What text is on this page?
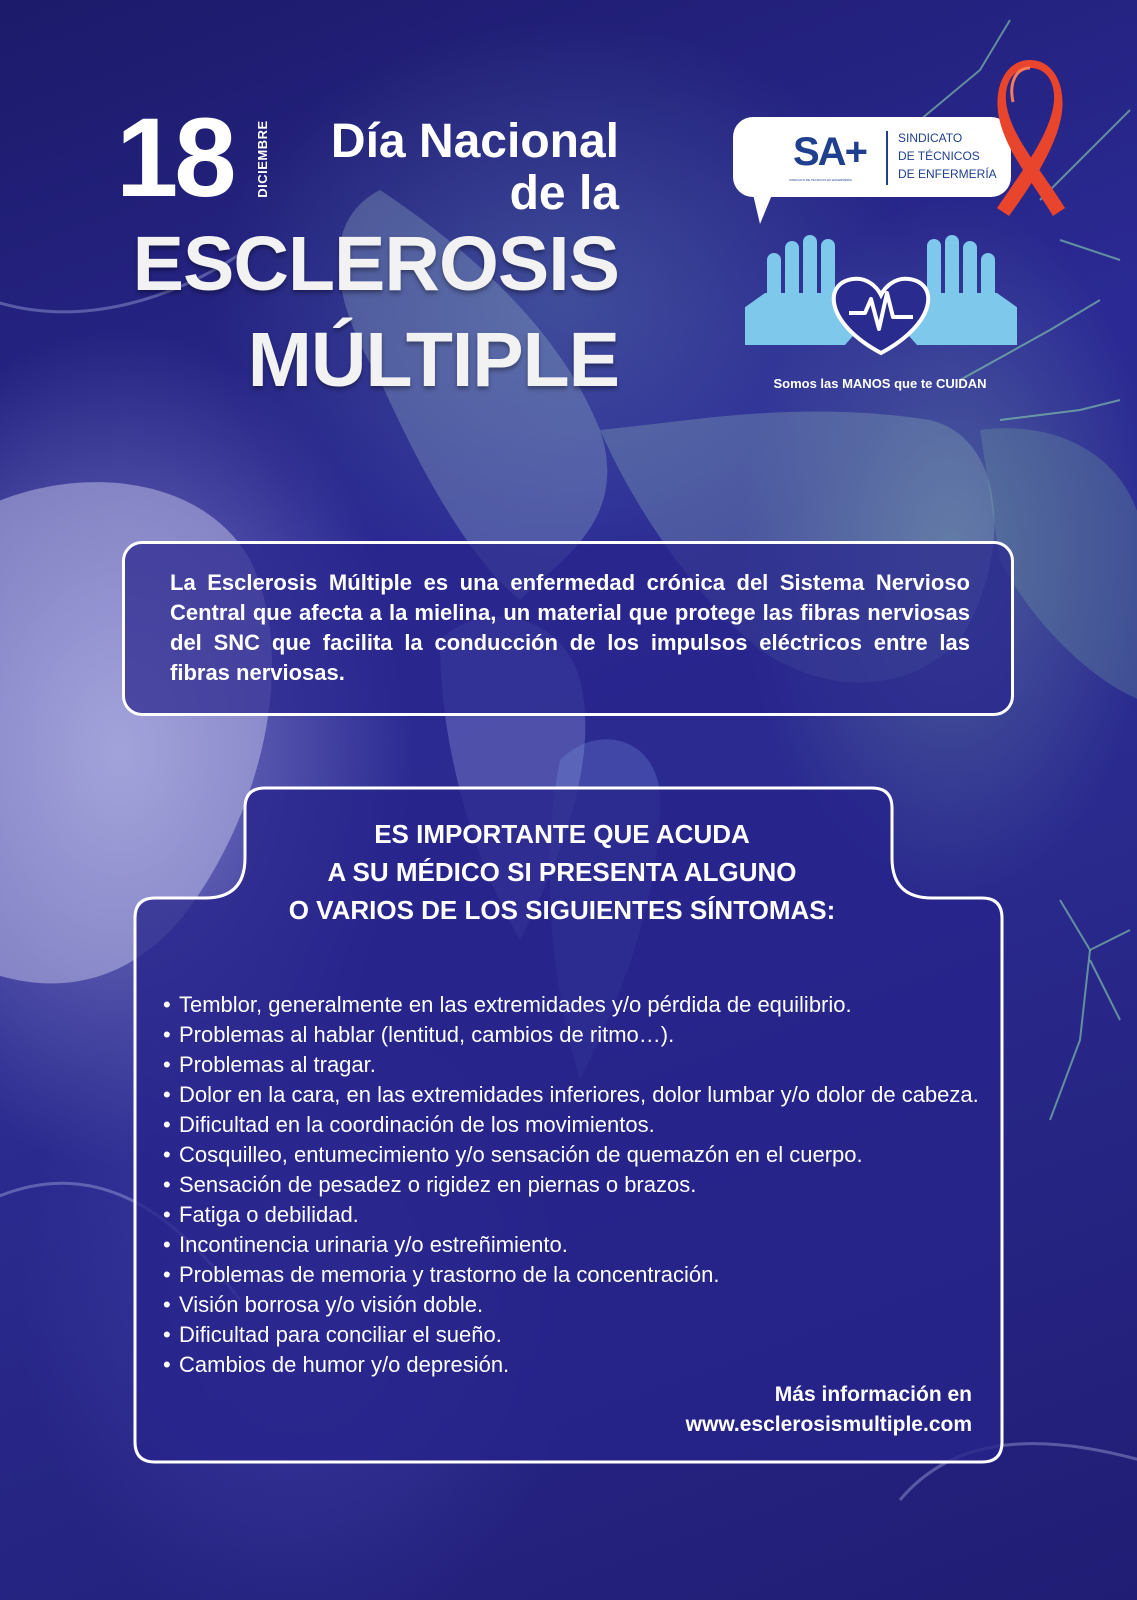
18 DICIEMBRE Día Nacional
de la
ESCLEROSIS
MÚLTIPLE
SA+
SINDICATO DE TÉCNICOS EN ENFERMERÍA
SINDICATO
DE TÉCNICOS
DE ENFERMERÍA
Somos las MANOS que te CUIDAN
La Esclerosis Múltiple es una enfermedad crónica del Sistema Nervioso Central que afecta a la mielina, un material que protege las fibras nerviosas del SNC que facilita la conducción de los impulsos eléctricos entre las fibras nerviosas.
ES IMPORTANTE QUE ACUDA
A SU MÉDICO SI PRESENTA ALGUNO
O VARIOS DE LOS SIGUIENTES SÍNTOMAS:
• Temblor, generalmente en las extremidades y/o pérdida de equilibrio.
• Problemas al hablar (lentitud, cambios de ritmo…).
• Problemas al tragar.
• Dolor en la cara, en las extremidades inferiores, dolor lumbar y/o dolor de cabeza.
• Dificultad en la coordinación de los movimientos.
• Cosquilleo, entumecimiento y/o sensación de quemazón en el cuerpo.
• Sensación de pesadez o rigidez en piernas o brazos.
• Fatiga o debilidad.
• Incontinencia urinaria y/o estreñimiento.
• Problemas de memoria y trastorno de la concentración.
• Visión borrosa y/o visión doble.
• Dificultad para conciliar el sueño.
• Cambios de humor y/o depresión.
Más información en
www.esclerosismultiple.com
